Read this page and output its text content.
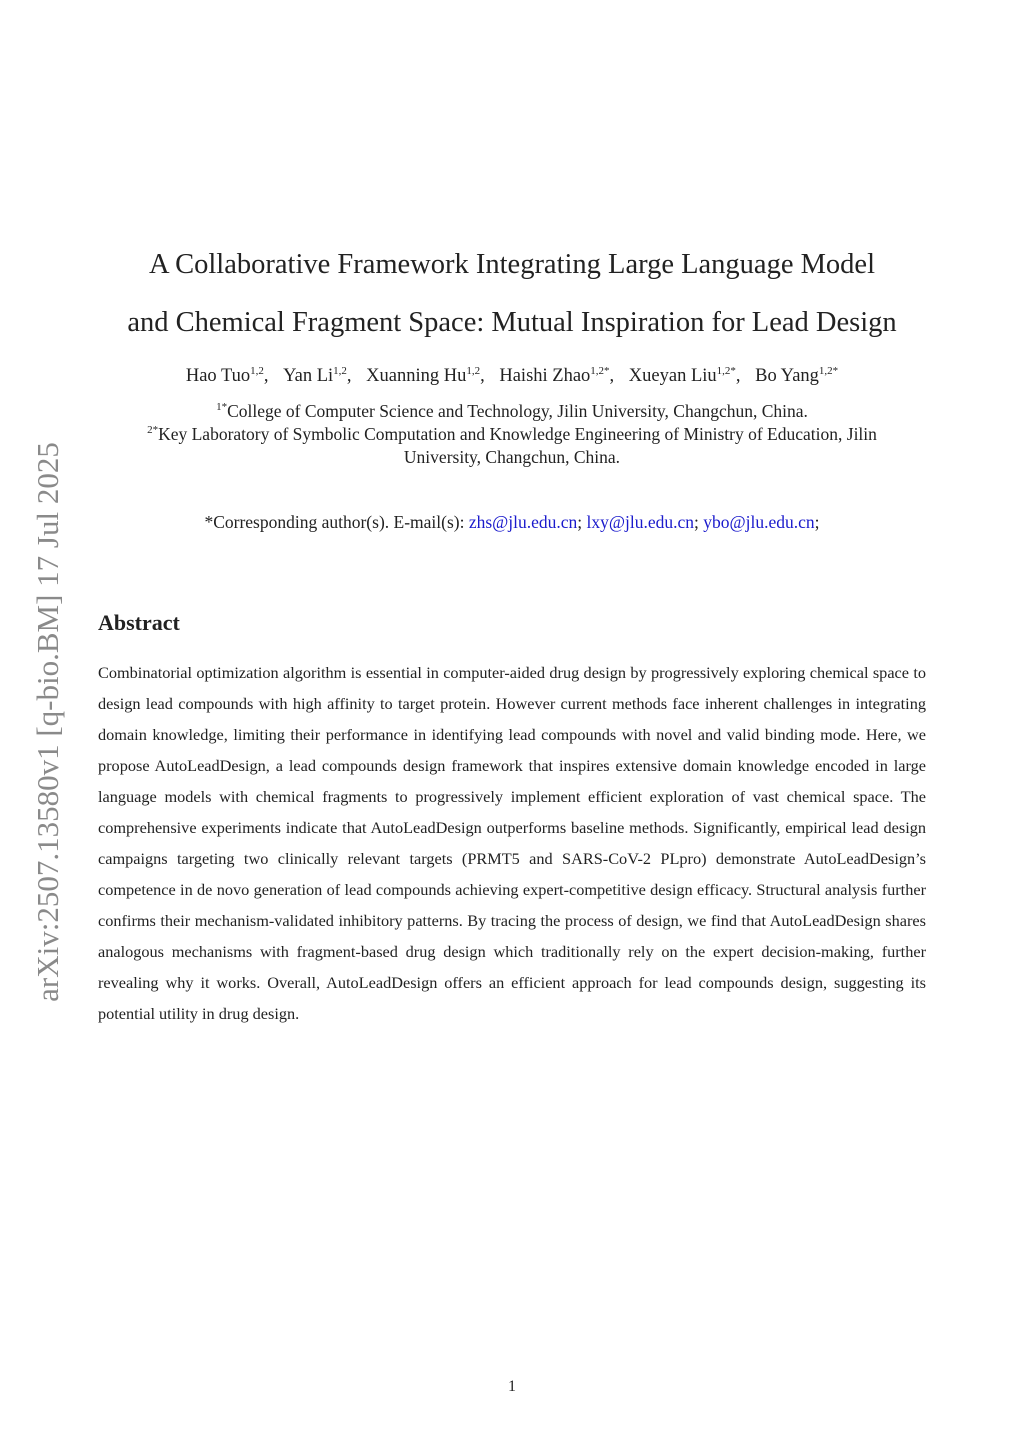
arXiv:2507.13580v1 [q-bio.BM] 17 Jul 2025
A Collaborative Framework Integrating Large Language Model
and Chemical Fragment Space: Mutual Inspiration for Lead Design
Hao Tuo$^{1,2}$, Yan Li$^{1,2}$, Xuanning Hu$^{1,2}$, Haishi Zhao$^{1,2*}$, Xueyan Liu$^{1,2*}$, Bo Yang$^{1,2*}$
$^{1*}$College of Computer Science and Technology, Jilin University, Changchun, China.
$^{2*}$Key Laboratory of Symbolic Computation and Knowledge Engineering of Ministry of Education, Jilin University, Changchun, China.
*Corresponding author(s). E-mail(s): zhs@jlu.edu.cn; lxy@jlu.edu.cn; ybo@jlu.edu.cn;
Abstract

Combinatorial optimization algorithm is essential in computer-aided drug design by progressively exploring chemical space to design lead compounds with high affinity to target protein. However current methods face inherent challenges in integrating domain knowledge, limiting their performance in identifying lead compounds with novel and valid binding mode. Here, we propose AutoLeadDesign, a lead compounds design framework that inspires extensive domain knowledge encoded in large language models with chemical fragments to progressively implement efficient exploration of vast chemical space. The comprehensive experiments indicate that AutoLeadDesign outperforms baseline methods. Significantly, empirical lead design campaigns targeting two clinically relevant targets (PRMT5 and SARS-CoV-2 PLpro) demonstrate AutoLeadDesign’s competence in de novo generation of lead compounds achieving expert-competitive design efficacy. Structural analysis further confirms their mechanism-validated inhibitory patterns. By tracing the process of design, we find that AutoLeadDesign shares analogous mechanisms with fragment-based drug design which traditionally rely on the expert decision-making, further revealing why it works. Overall, AutoLeadDesign offers an efficient approach for lead compounds design, suggesting its potential utility in drug design.

1
